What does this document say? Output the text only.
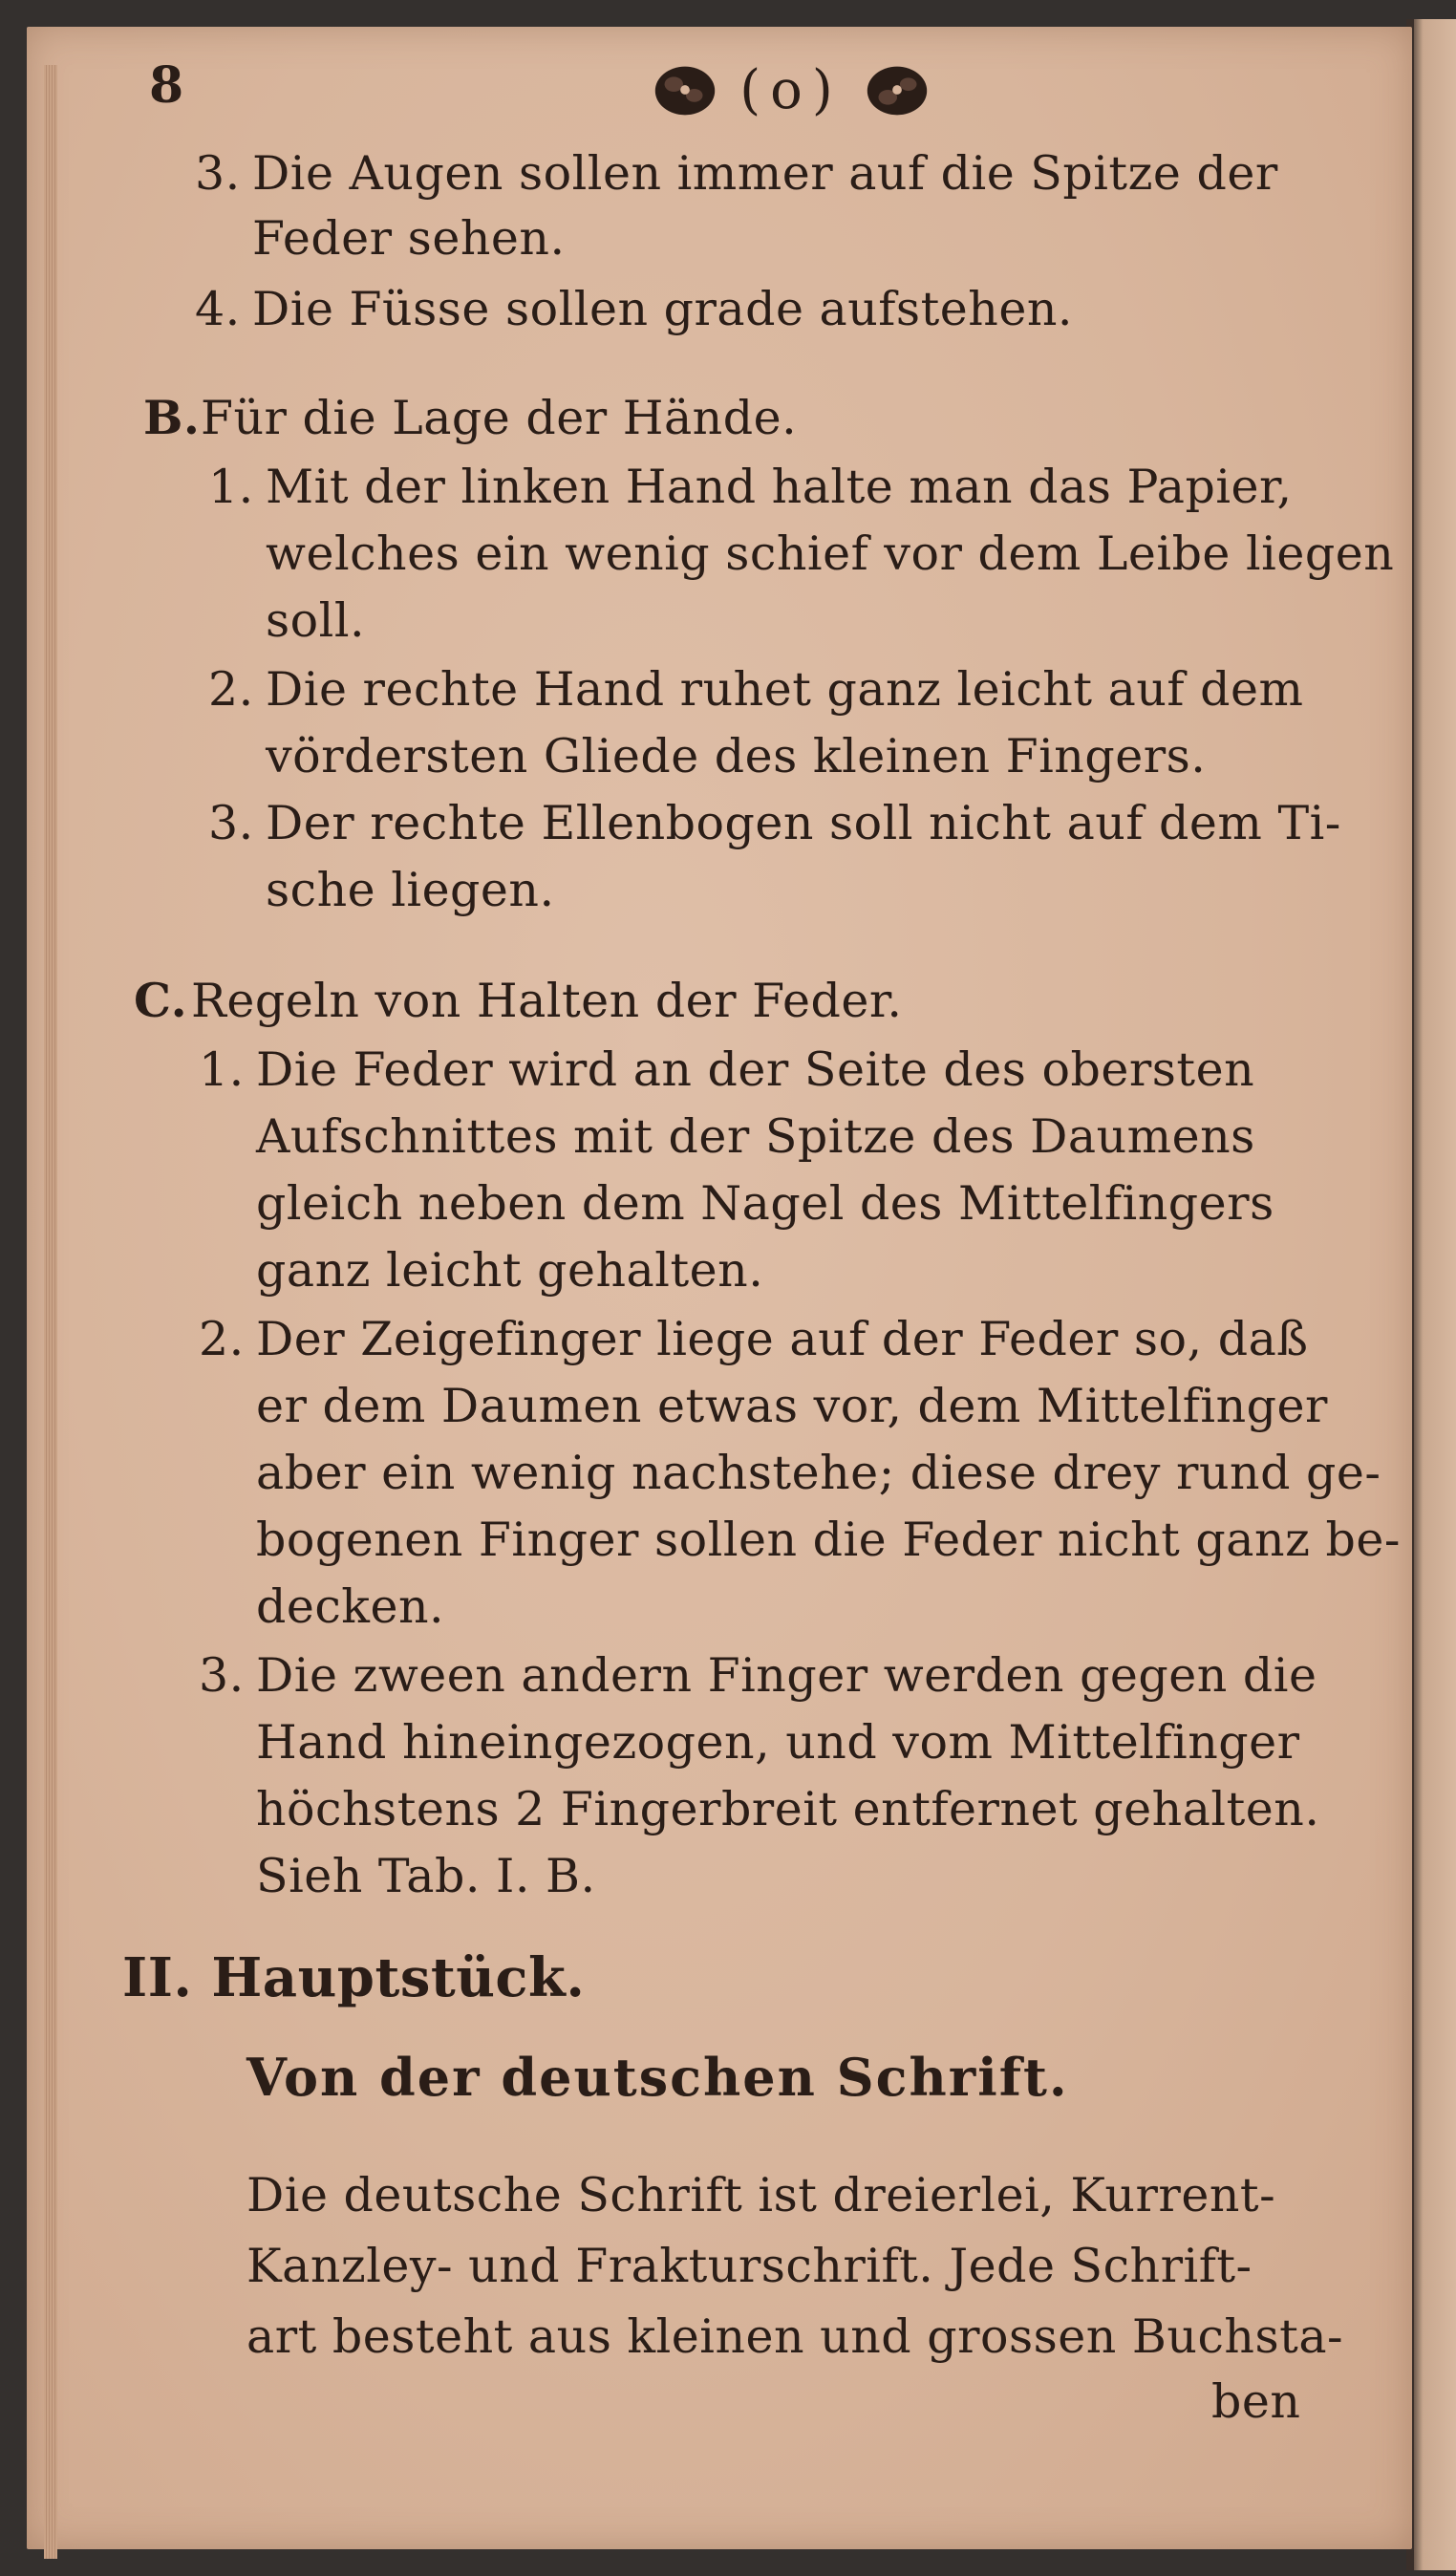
8	(o)
3. Die Augen sollen immer auf die Spitze der
Feder sehen.
4. Die Füsse sollen grade aufstehen.
B.Für die Lage der Hände.
1. Mit der linken Hand halte man das Papier,
welches ein wenig schief vor dem Leibe liegen
soll.
2. Die rechte Hand ruhet ganz leicht auf dem
vördersten Gliede des kleinen Fingers.
3. Der rechte Ellenbogen soll nicht auf dem Ti-
sche liegen.
C.Regeln von Halten der Feder.
1. Die Feder wird an der Seite des obersten
Aufschnittes mit der Spitze des Daumens
gleich neben dem Nagel des Mittelfingers
ganz leicht gehalten.
2. Der Zeigefinger liege auf der Feder so, daß
er dem Daumen etwas vor, dem Mittelfinger
aber ein wenig nachstehe; diese drey rund ge-
bogenen Finger sollen die Feder nicht ganz be-
decken.
3. Die zween andern Finger werden gegen die
Hand hineingezogen, und vom Mittelfinger
höchstens 2 Fingerbreit entfernet gehalten.
Sieh Tab. I. B.
II. Hauptstück.
Von der deutschen Schrift.
Die deutsche Schrift ist dreierlei, Kurrent-
Kanzley- und Frakturschrift. Jede Schrift-
art besteht aus kleinen und grossen Buchsta-
ben
